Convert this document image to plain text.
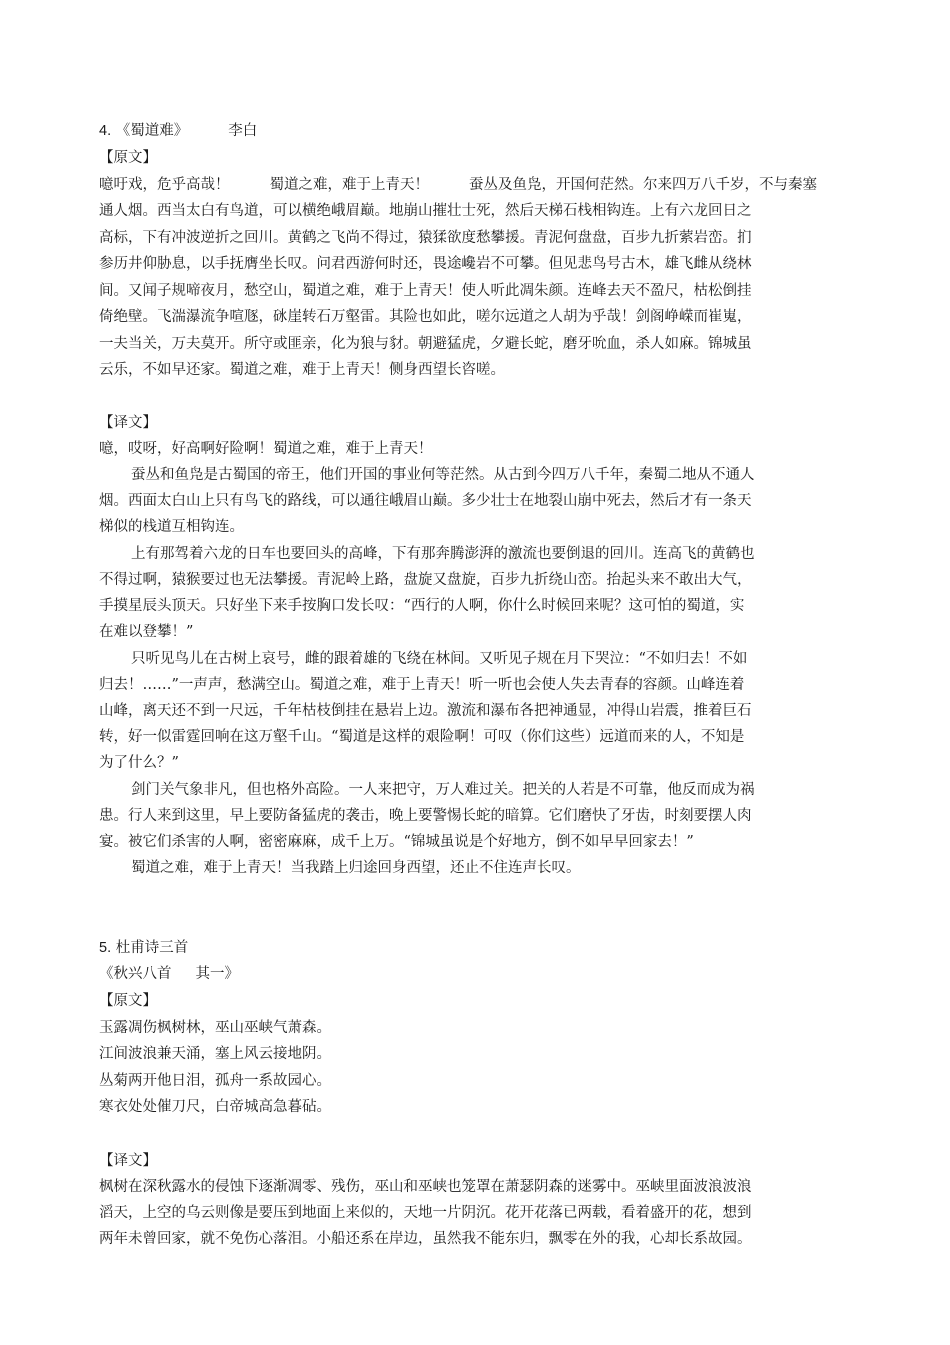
4. 《蜀道难》	李白
【原文】
噫吁戏，危乎高哉！	蜀道之难，难于上青天！	蚕丛及鱼凫，开国何茫然。尔来四万八千岁，不与秦塞
通人烟。西当太白有鸟道，可以横绝峨眉巅。地崩山摧壮士死，然后天梯石栈相钩连。上有六龙回日之
高标，下有冲波逆折之回川。黄鹤之飞尚不得过，猿猱欲度愁攀援。青泥何盘盘，百步九折萦岩峦。扪
参历井仰胁息，以手抚膺坐长叹。问君西游何时还，畏途巉岩不可攀。但见悲鸟号古木，雄飞雌从绕林
间。又闻子规啼夜月，愁空山，蜀道之难，难于上青天！使人听此凋朱颜。连峰去天不盈尺，枯松倒挂
倚绝壁。飞湍瀑流争喧豗，砯崖转石万壑雷。其险也如此，嗟尔远道之人胡为乎哉！剑阁峥嵘而崔嵬，
一夫当关，万夫莫开。所守或匪亲，化为狼与豺。朝避猛虎，夕避长蛇，磨牙吮血，杀人如麻。锦城虽
云乐，不如早还家。蜀道之难，难于上青天！侧身西望长咨嗟。
【译文】
噫，哎呀，好高啊好险啊！蜀道之难，难于上青天！
蚕丛和鱼凫是古蜀国的帝王，他们开国的事业何等茫然。从古到今四万八千年，秦蜀二地从不通人
烟。西面太白山上只有鸟飞的路线，可以通往峨眉山巅。多少壮士在地裂山崩中死去，然后才有一条天
梯似的栈道互相钩连。
上有那驾着六龙的日车也要回头的高峰，下有那奔腾澎湃的激流也要倒退的回川。连高飞的黄鹤也
不得过啊，猿猴要过也无法攀援。青泥岭上路，盘旋又盘旋，百步九折绕山峦。抬起头来不敢出大气，
手摸星辰头顶天。只好坐下来手按胸口发长叹：“西行的人啊，你什么时候回来呢？这可怕的蜀道，实
在难以登攀！”
只听见鸟儿在古树上哀号，雌的跟着雄的飞绕在林间。又听见子规在月下哭泣：“不如归去！不如
归去！……”一声声，愁满空山。蜀道之难，难于上青天！听一听也会使人失去青春的容颜。山峰连着
山峰，离天还不到一尺远，千年枯枝倒挂在悬岩上边。激流和瀑布各把神通显，冲得山岩震，推着巨石
转，好一似雷霆回响在这万壑千山。“蜀道是这样的艰险啊！可叹（你们这些）远道而来的人，不知是
为了什么？”
剑门关气象非凡，但也格外高险。一人来把守，万人难过关。把关的人若是不可靠，他反而成为祸
患。行人来到这里，早上要防备猛虎的袭击，晚上要警惕长蛇的暗算。它们磨快了牙齿，时刻要摆人肉
宴。被它们杀害的人啊，密密麻麻，成千上万。“锦城虽说是个好地方，倒不如早早回家去！”
蜀道之难，难于上青天！当我踏上归途回身西望，还止不住连声长叹。
5. 杜甫诗三首
《秋兴八首 其一》
【原文】
玉露凋伤枫树林，巫山巫峡气萧森。
江间波浪兼天涌，塞上风云接地阴。
丛菊两开他日泪，孤舟一系故园心。
寒衣处处催刀尺，白帝城高急暮砧。
【译文】
枫树在深秋露水的侵蚀下逐渐凋零、残伤，巫山和巫峡也笼罩在萧瑟阴森的迷雾中。巫峡里面波浪波浪
滔天，上空的乌云则像是要压到地面上来似的，天地一片阴沉。花开花落已两载，看着盛开的花，想到
两年未曾回家，就不免伤心落泪。小船还系在岸边，虽然我不能东归，飘零在外的我，心却长系故园。
